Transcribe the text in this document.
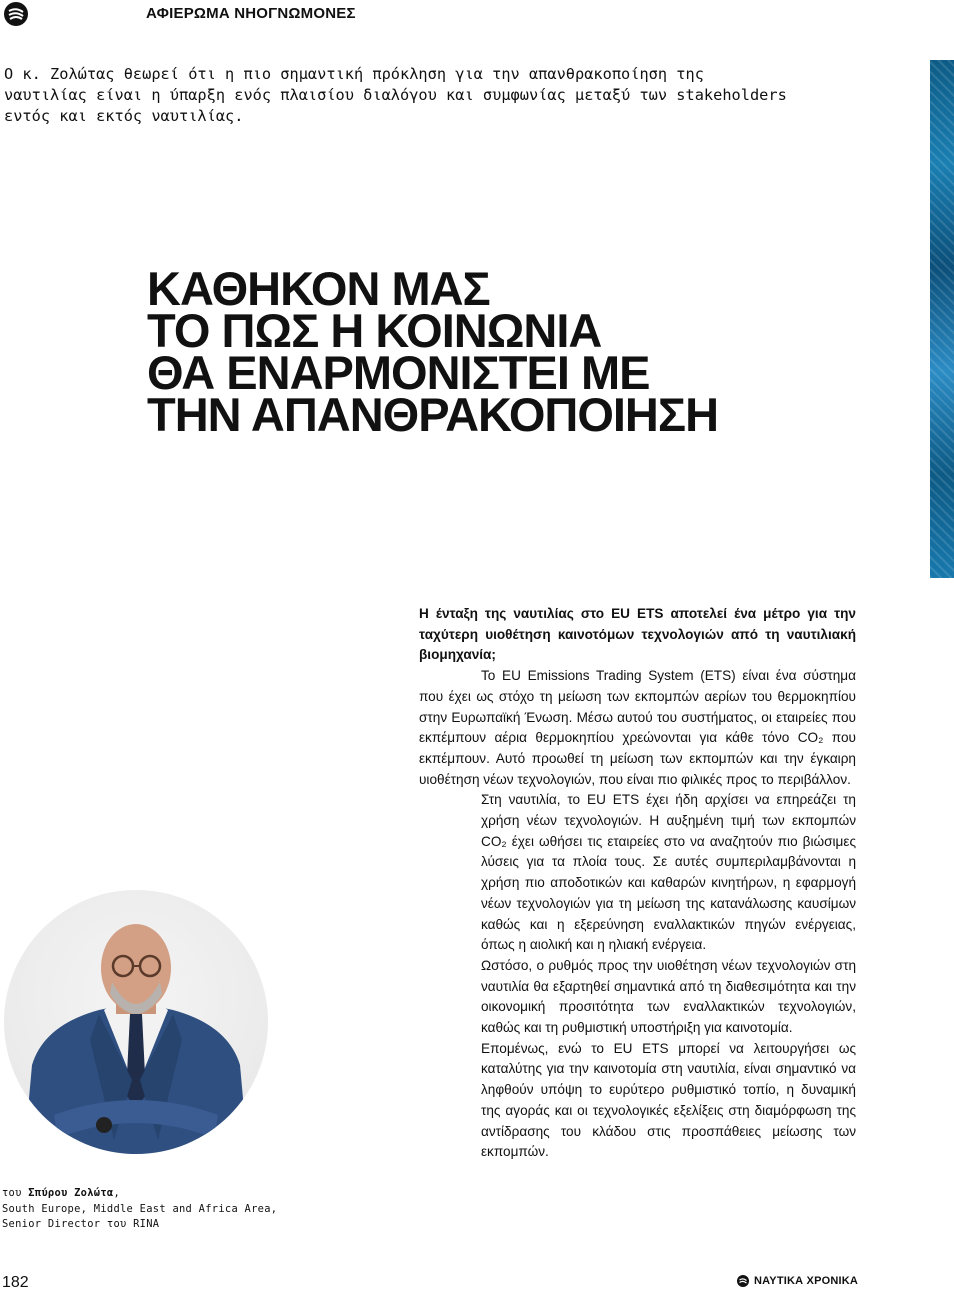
ΑΦΙΕΡΩΜΑ ΝΗΟΓΝΩΜΟΝΕΣ
Ο κ. Ζολώτας θεωρεί ότι η πιο σημαντική πρόκληση για την απανθρακοποίηση της
ναυτιλίας είναι η ύπαρξη ενός πλαισίου διαλόγου και συμφωνίας μεταξύ των stakeholders
εντός και εκτός ναυτιλίας.
ΚΑΘΗΚΟΝ ΜΑΣ
ΤΟ ΠΩΣ Η ΚΟΙΝΩΝΙΑ
ΘΑ ΕΝΑΡΜΟΝΙΣΤΕΙ ΜΕ
ΤΗΝ ΑΠΑΝΘΡΑΚΟΠΟΙΗΣΗ

Η ένταξη της ναυτιλίας στο EU ETS αποτελεί ένα μέτρο για την ταχύτερη υιοθέτηση καινοτόμων τεχνολογιών από τη ναυτιλιακή βιομηχανία;

Το EU Emissions Trading System (ETS) είναι ένα σύστημα που έχει ως στόχο τη μείωση των εκπομπών αερίων του θερμοκηπίου στην Ευρωπαϊκή Ένωση. Μέσω αυτού του συστήματος, οι εταιρείες που εκπέμπουν αέρια θερμοκηπίου χρεώνονται για κάθε τόνο CO₂ που εκπέμπουν. Αυτό προωθεί τη μείωση των εκπομπών και την έγκαιρη υιοθέτηση νέων τεχνολογιών, που είναι πιο φιλικές προς το περιβάλλον.

Στη ναυτιλία, το EU ETS έχει ήδη αρχίσει να επηρεάζει τη χρήση νέων τεχνολογιών. Η αυξημένη τιμή των εκπομπών CO₂ έχει ωθήσει τις εταιρείες στο να αναζητούν πιο βιώσιμες λύσεις για τα πλοία τους. Σε αυτές συμπεριλαμβάνονται η χρήση πιο αποδοτικών και καθαρών κινητήρων, η εφαρμογή νέων τεχνολογιών για τη μείωση της κατανάλωσης καυσίμων καθώς και η εξερεύνηση εναλλακτικών πηγών ενέργειας, όπως η αιολική και η ηλιακή ενέργεια.

Ωστόσο, ο ρυθμός προς την υιοθέτηση νέων τεχνολογιών στη ναυτιλία θα εξαρτηθεί σημαντικά από τη διαθεσιμότητα και την οικονομική προσιτότητα των εναλλακτικών τεχνολογιών, καθώς και τη ρυθμιστική υποστήριξη για καινοτομία.

Επομένως, ενώ το EU ETS μπορεί να λειτουργήσει ως καταλύτης για την καινοτομία στη ναυτιλία, είναι σημαντικό να ληφθούν υπόψη το ευρύτερο ρυθμιστικό τοπίο, η δυναμική της αγοράς και οι τεχνολογικές εξελίξεις στη διαμόρφωση της αντίδρασης του κλάδου στις προσπάθειες μείωσης των εκπομπών.

του Σπύρου Ζολώτα,
South Europe, Middle East and Africa Area,
Senior Director του RINA
182	ΝΑΥΤΙΚΑ ΧΡΟΝΙΚΑ
